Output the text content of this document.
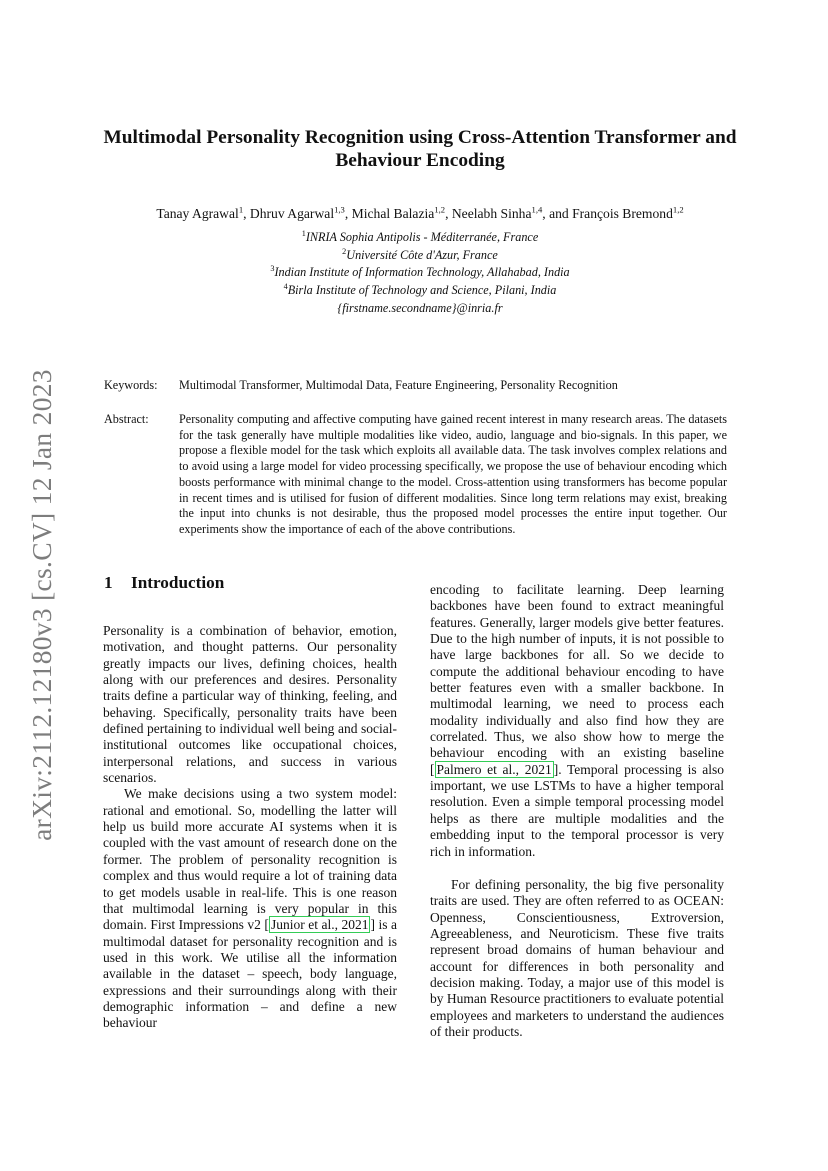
arXiv:2112.12180v3 [cs.CV] 12 Jan 2023
Multimodal Personality Recognition using Cross-Attention Transformer and Behaviour Encoding
Tanay Agrawal$^1$, Dhruv Agarwal$^{1,3}$, Michal Balazia$^{1,2}$, Neelabh Sinha$^{1,4}$, and François Bremond$^{1,2}$
$^1$INRIA Sophia Antipolis - Méditerranée, France
$^2$Université Côte d'Azur, France
$^3$Indian Institute of Information Technology, Allahabad, India
$^4$Birla Institute of Technology and Science, Pilani, India
{firstname.secondname}@inria.fr
Keywords: Multimodal Transformer, Multimodal Data, Feature Engineering, Personality Recognition
Abstract: Personality computing and affective computing have gained recent interest in many research areas. The datasets for the task generally have multiple modalities like video, audio, language and bio-signals. In this paper, we propose a flexible model for the task which exploits all available data. The task involves complex relations and to avoid using a large model for video processing specifically, we propose the use of behaviour encoding which boosts performance with minimal change to the model. Cross-attention using transformers has become popular in recent times and is utilised for fusion of different modalities. Since long term relations may exist, breaking the input into chunks is not desirable, thus the proposed model processes the entire input together. Our experiments show the importance of each of the above contributions.
1 Introduction

Personality is a combination of behavior, emotion, motivation, and thought patterns. Our personality greatly impacts our lives, defining choices, health along with our preferences and desires. Personality traits define a particular way of thinking, feeling, and behaving. Specifically, personality traits have been defined pertaining to individual well being and social-institutional outcomes like occupational choices, interpersonal relations, and success in various scenarios.

We make decisions using a two system model: rational and emotional. So, modelling the latter will help us build more accurate AI systems when it is coupled with the vast amount of research done on the former. The problem of personality recognition is complex and thus would require a lot of training data to get models usable in real-life. This is one reason that multimodal learning is very popular in this domain. First Impressions v2 [ Junior et al., 2021 ] is a multimodal dataset for personality recognition and is used in this work. We utilise all the information available in the dataset – speech, body language, expressions and their surroundings along with their demographic information – and define a new behaviour

encoding to facilitate learning. Deep learning backbones have been found to extract meaningful features. Generally, larger models give better features. Due to the high number of inputs, it is not possible to have large backbones for all. So we decide to compute the additional behaviour encoding to have better features even with a smaller backbone. In multimodal learning, we need to process each modality individually and also find how they are correlated. Thus, we also show how to merge the behaviour encoding with an existing baseline [ Palmero et al., 2021 ]. Temporal processing is also important, we use LSTMs to have a higher temporal resolution. Even a simple temporal processing model helps as there are multiple modalities and the embedding input to the temporal processor is very rich in information.

For defining personality, the big five personality traits are used. They are often referred to as OCEAN: Openness, Conscientiousness, Extroversion, Agreeableness, and Neuroticism. These five traits represent broad domains of human behaviour and account for differences in both personality and decision making. Today, a major use of this model is by Human Resource practitioners to evaluate potential employees and marketers to understand the audiences of their products.
